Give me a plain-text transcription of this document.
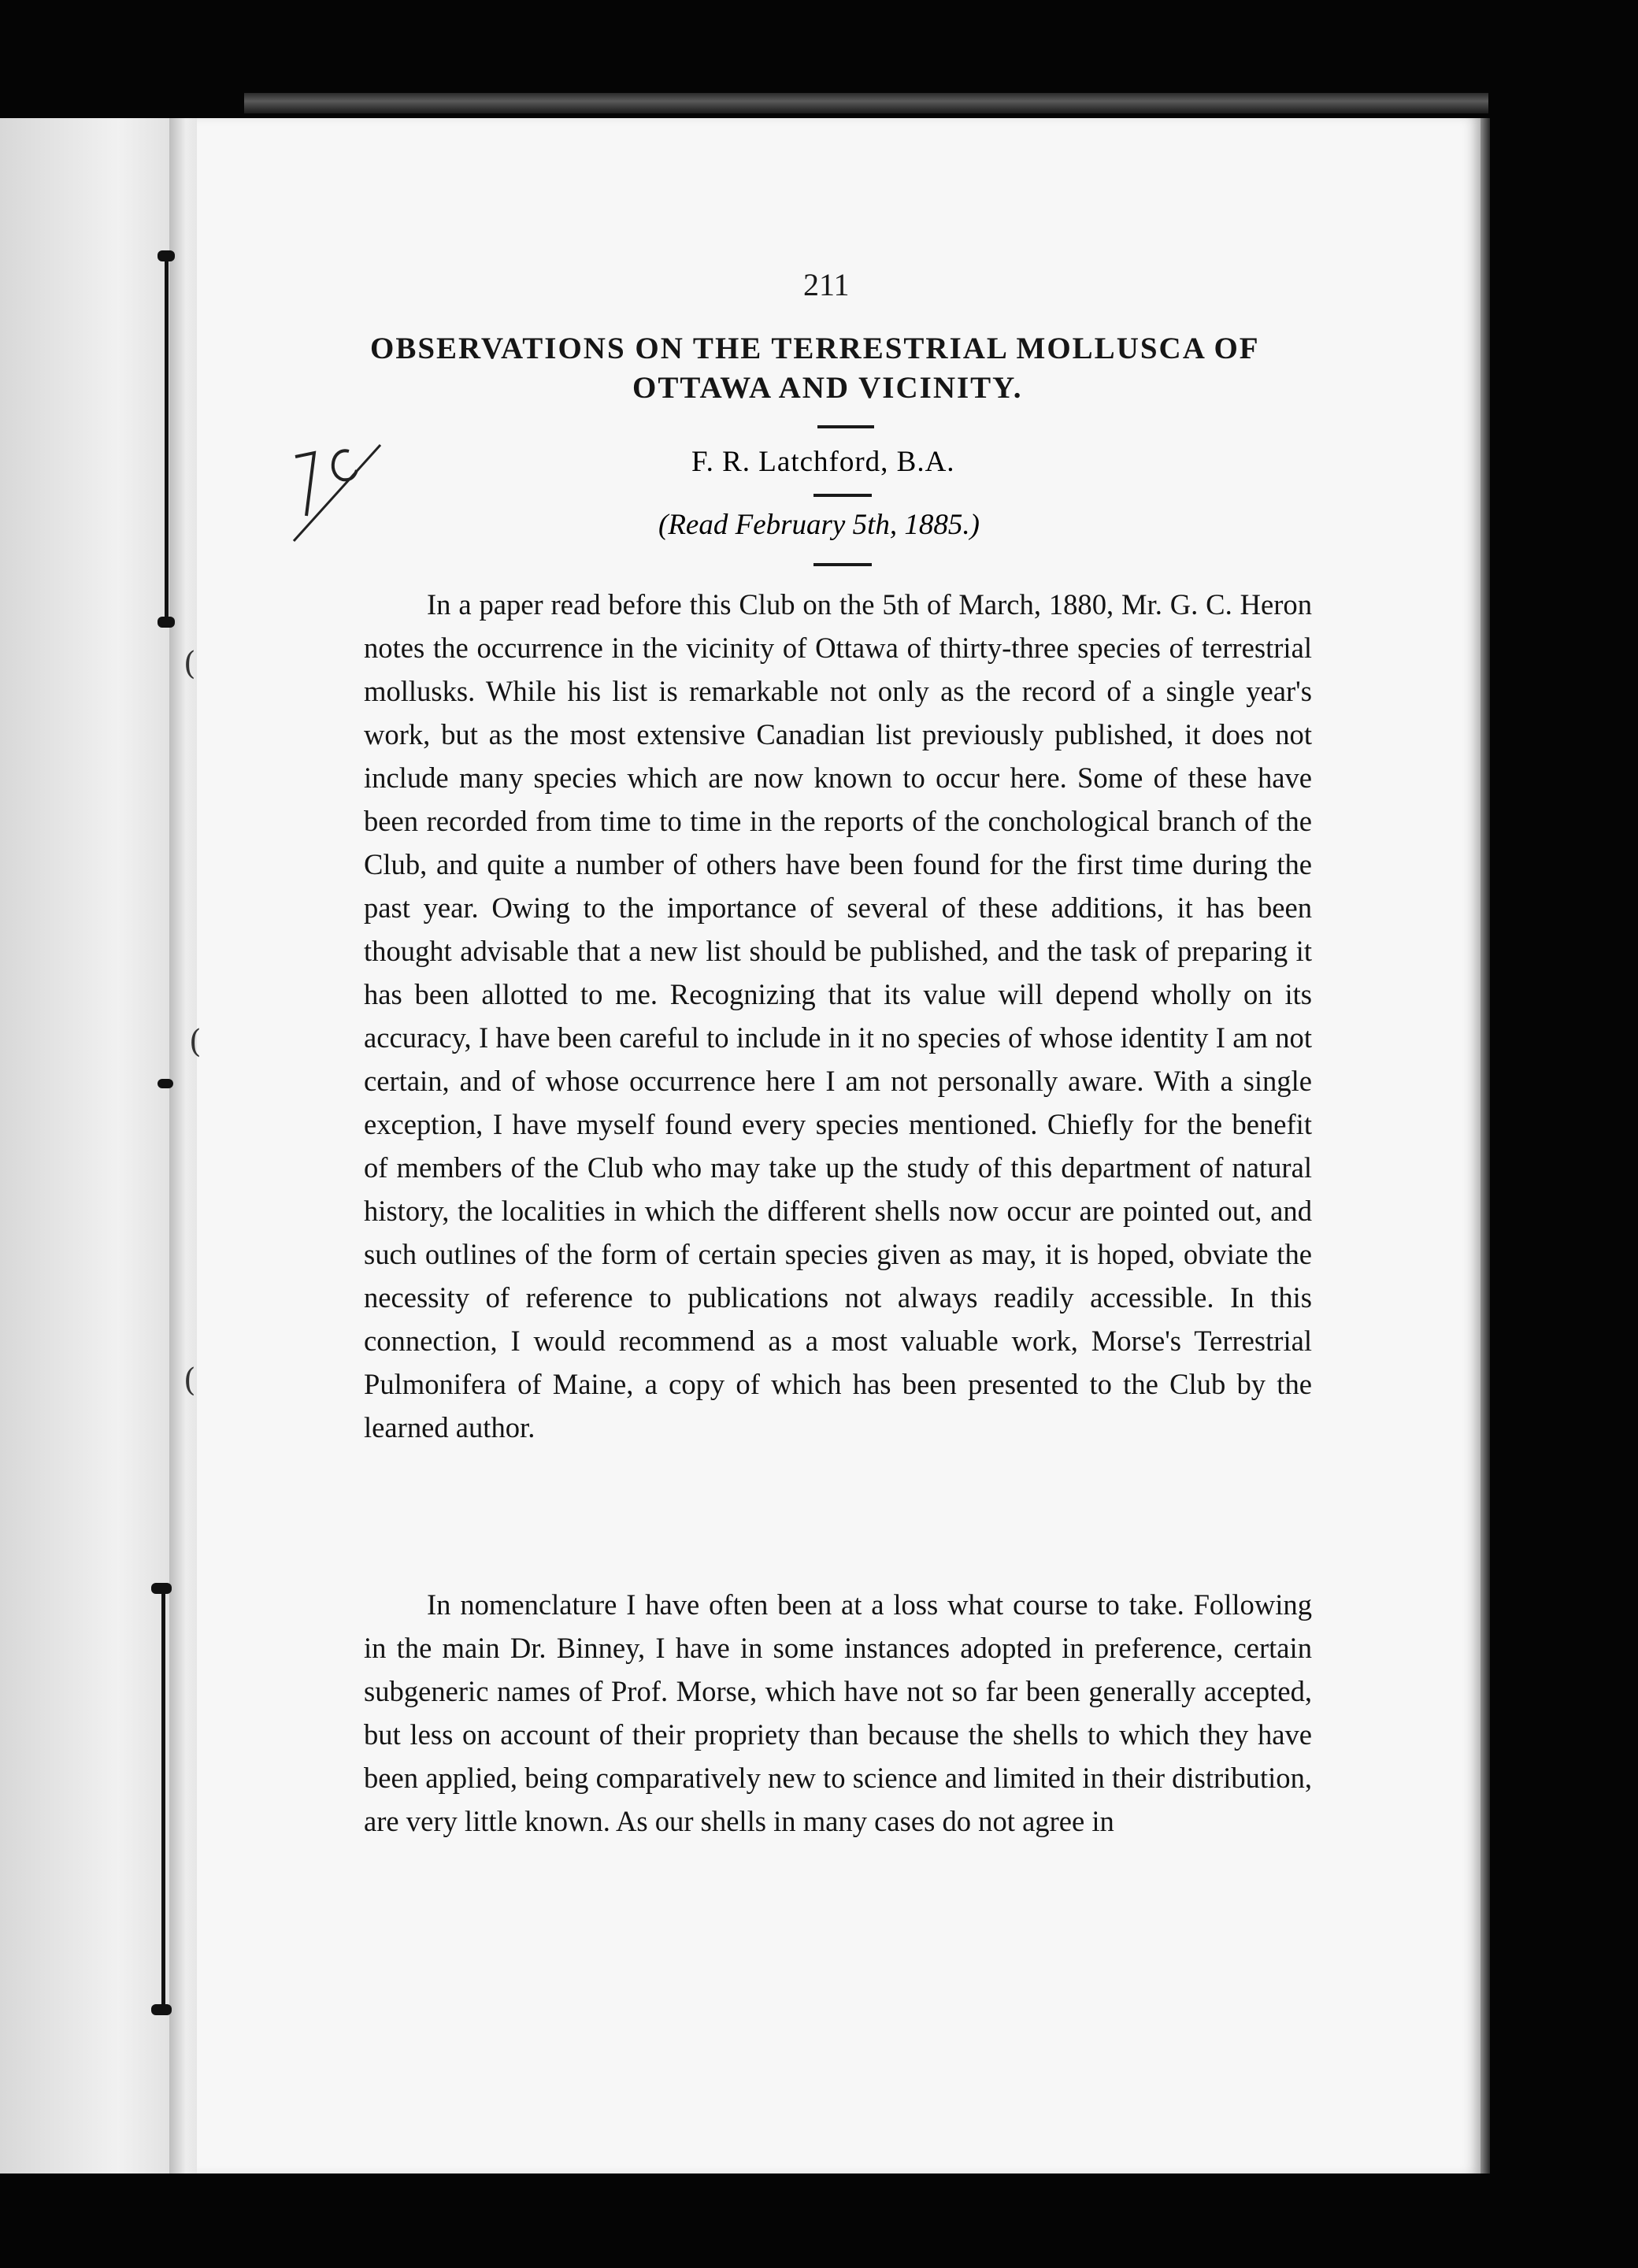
(
(
(
211
OBSERVATIONS ON THE TERRESTRIAL MOLLUSCA OF
OTTAWA AND VICINITY.
F. R. Latchford, B.A.
(Read February 5th, 1885.)

In a paper read before this Club on the 5th of March, 1880, Mr. G. C. Heron notes the occurrence in the vicinity of Ottawa of thirty-three species of terrestrial mollusks. While his list is remarkable not only as the record of a single year's work, but as the most extensive Canadian list previously published, it does not include many species which are now known to occur here. Some of these have been recorded from time to time in the reports of the conchological branch of the Club, and quite a number of others have been found for the first time during the past year. Owing to the importance of several of these additions, it has been thought advisable that a new list should be published, and the task of preparing it has been allotted to me. Recognizing that its value will depend wholly on its accuracy, I have been careful to include in it no species of whose identity I am not certain, and of whose occurrence here I am not personally aware. With a single exception, I have myself found every species mentioned. Chiefly for the benefit of members of the Club who may take up the study of this department of natural history, the localities in which the different shells now occur are pointed out, and such outlines of the form of certain species given as may, it is hoped, obviate the necessity of reference to publications not always readily accessible. In this connection, I would recommend as a most valuable work, Morse's Terrestrial Pulmonifera of Maine, a copy of which has been presented to the Club by the learned author.

In nomenclature I have often been at a loss what course to take. Following in the main Dr. Binney, I have in some instances adopted in preference, certain subgeneric names of Prof. Morse, which have not so far been generally accepted, but less on account of their propriety than because the shells to which they have been applied, being comparatively new to science and limited in their distribution, are very little known. As our shells in many cases do not agree in
